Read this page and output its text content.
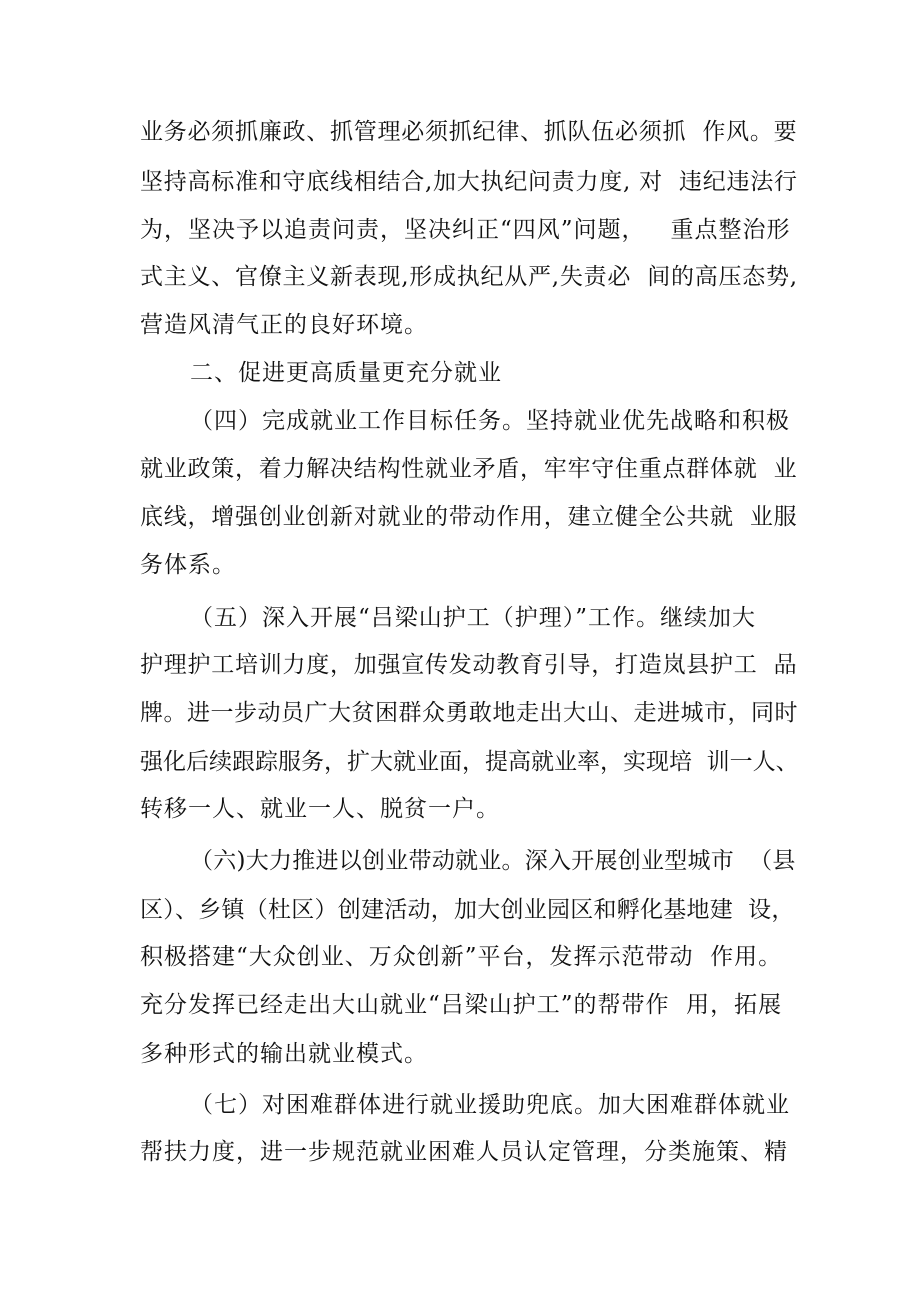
业务必须抓廉政、抓管理必须抓纪律、抓队伍必须抓  作风。要
坚持高标准和守底线相结合,加大执纪问责力度, 对  违纪违法行
为，坚决予以追责问责，坚决纠正“四风”问题，   重点整治形
式主义、官僚主义新表现,形成执纪从严,失责必  间的高压态势,
营造风清气正的良好环境。
二、促进更高质量更充分就业
（四）完成就业工作目标任务。坚持就业优先战略和积极
就业政策，着力解决结构性就业矛盾，牢牢守住重点群体就  业
底线，增强创业创新对就业的带动作用，建立健全公共就  业服
务体系。
（五）深入开展“吕梁山护工（护理）”工作。继续加大
护理护工培训力度，加强宣传发动教育引导，打造岚县护工  品
牌。进一步动员广大贫困群众勇敢地走出大山、走进城市，同时
强化后续跟踪服务，扩大就业面，提高就业率，实现培  训一人、
转移一人、就业一人、脱贫一户。
（六)大力推进以创业带动就业。深入开展创业型城市  （县
区）、乡镇（杜区）创建活动，加大创业园区和孵化基地建  设，
积极搭建“大众创业、万众创新”平台，发挥示范带动  作用。
充分发挥已经走出大山就业“吕梁山护工”的帮带作  用，拓展
多种形式的输出就业模式。
（七）对困难群体进行就业援助兜底。加大困难群体就业
帮扶力度，进一步规范就业困难人员认定管理，分类施策、精
